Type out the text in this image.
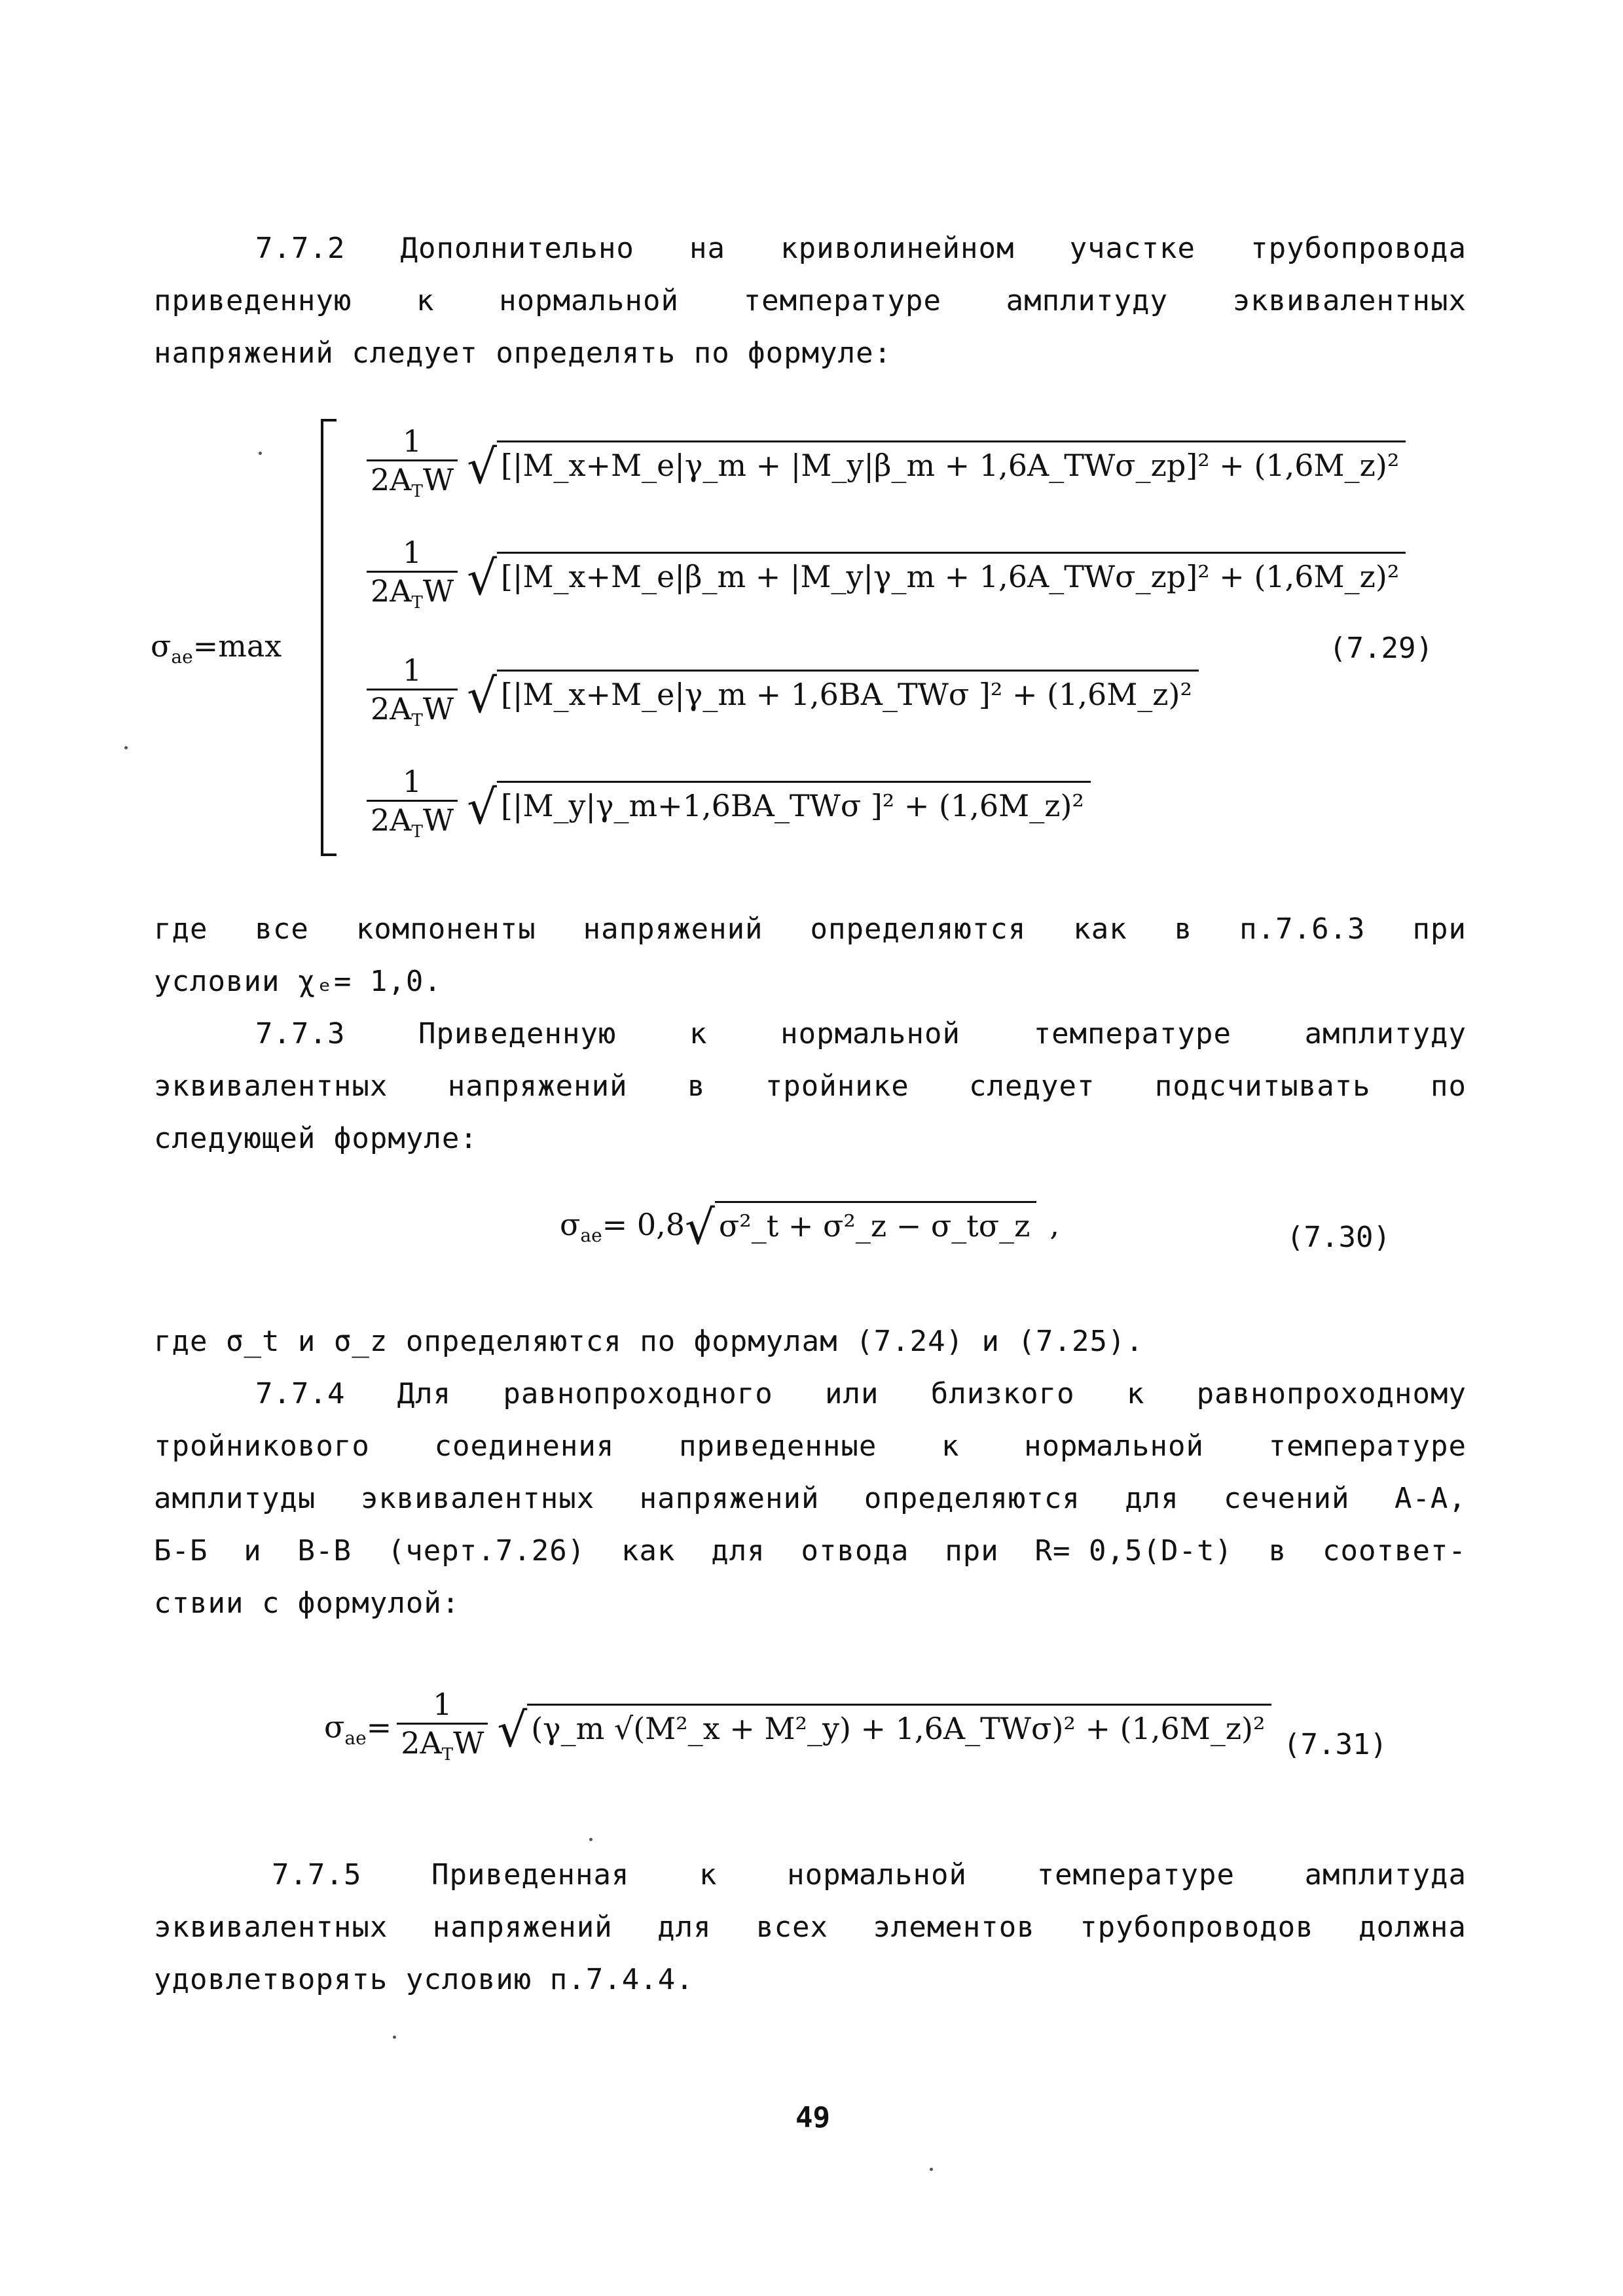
7.7.2 Дополнительно на криволинейном участке трубопровода
приведенную к нормальной температуре амплитуду эквивалентных
напряжений следует определять по формуле:
$\sigma_{ae}=\max$
$\frac{1}{2A_TW}$ √ [|M_x+M_e|γ_m + |M_y|β_m + 1,6A_TWσ_zp]² + (1,6M_z)²
$\frac{1}{2A_TW}$ √ [|M_x+M_e|β_m + |M_y|γ_m + 1,6A_TWσ_zp]² + (1,6M_z)²
$\frac{1}{2A_TW}$ √ [|M_x+M_e|γ_m + 1,6BA_TWσ ]² + (1,6M_z)²
$\frac{1}{2A_TW}$ √ [|M_y|γ_m+1,6BA_TWσ ]² + (1,6M_z)²
(7.29)
где все компоненты напряжений определяются как в п.7.6.3 при
условии χₑ= 1,0.
7.7.3	Приведенную	к	нормальной	температуре	амплитуду
эквивалентных напряжений в тройнике следует подсчитывать по
следующей формуле:
$\sigma_{ae}= 0,8$ √ σ²_t + σ²_z − σ_tσ_z ,	(7.30)
где σ_t и σ_z определяются по формулам (7.24) и (7.25).
7.7.4 Для равнопроходного или близкого к равнопроходному
тройникового соединения приведенные к нормальной температуре
амплитуды эквивалентных напряжений определяются для сечений А-А,
Б-Б и В-В (черт.7.26) как для отвода при R= 0,5(D-t) в соответ-
ствии с формулой:
$\sigma_{ae}= \frac{1}{2A_TW}$ √ (γ_m √(M²_x + M²_y) + 1,6A_TWσ)² + (1,6M_z)² (7.31)
7.7.5 Приведенная к нормальной температуре амплитуда
эквивалентных напряжений для всех элементов трубопроводов должна
удовлетворять условию п.7.4.4.
49
